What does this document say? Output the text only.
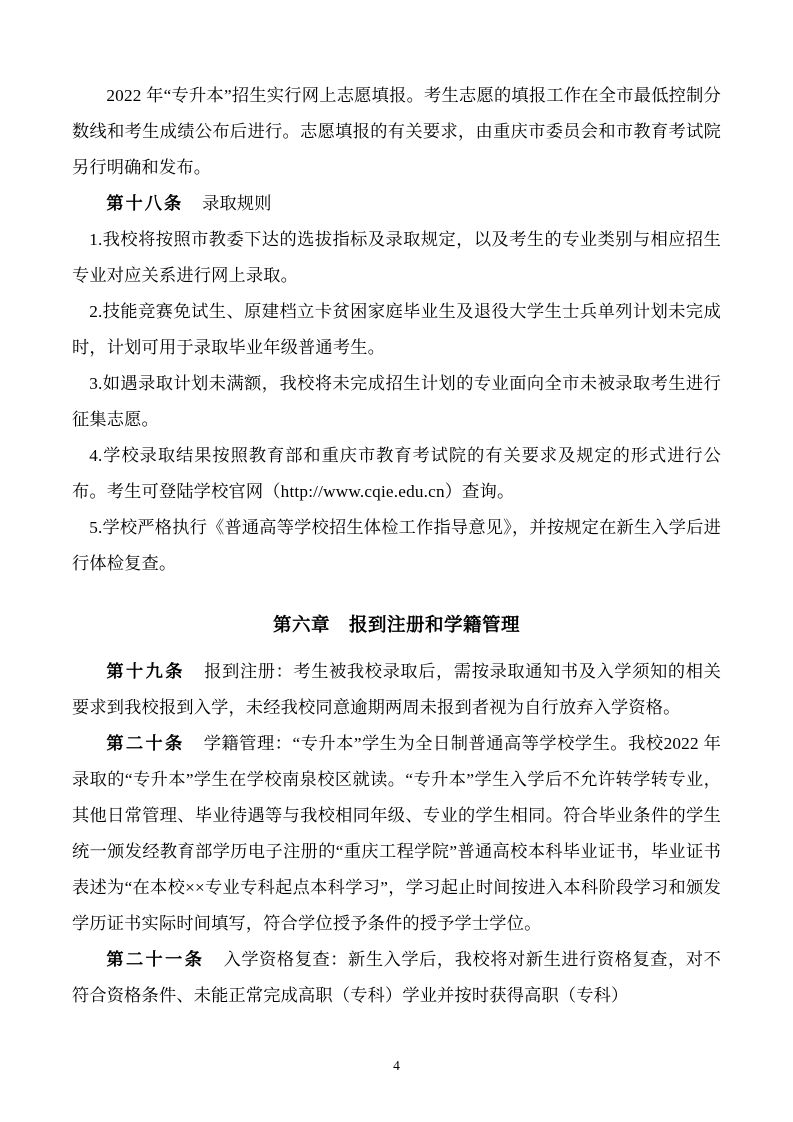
2022 年“专升本”招生实行网上志愿填报。考生志愿的填报工作在全市最低控制分数线和考生成绩公布后进行。志愿填报的有关要求，由重庆市委员会和市教育考试院另行明确和发布。

第十八条 录取规则

1.我校将按照市教委下达的选拔指标及录取规定，以及考生的专业类别与相应招生专业对应关系进行网上录取。

2.技能竞赛免试生、原建档立卡贫困家庭毕业生及退役大学生士兵单列计划未完成时，计划可用于录取毕业年级普通考生。

3.如遇录取计划未满额，我校将未完成招生计划的专业面向全市未被录取考生进行征集志愿。

4.学校录取结果按照教育部和重庆市教育考试院的有关要求及规定的形式进行公布。考生可登陆学校官网（http://www.cqie.edu.cn）查询。

5.学校严格执行《普通高等学校招生体检工作指导意见》，并按规定在新生入学后进行体检复查。

第六章　报到注册和学籍管理

第十九条 报到注册：考生被我校录取后，需按录取通知书及入学须知的相关要求到我校报到入学，未经我校同意逾期两周未报到者视为自行放弃入学资格。

第二十条 学籍管理：“专升本”学生为全日制普通高等学校学生。我校2022 年录取的“专升本”学生在学校南泉校区就读。“专升本”学生入学后不允许转学转专业，其他日常管理、毕业待遇等与我校相同年级、专业的学生相同。符合毕业条件的学生统一颁发经教育部学历电子注册的“重庆工程学院”普通高校本科毕业证书，毕业证书表述为“在本校××专业专科起点本科学习”，学习起止时间按进入本科阶段学习和颁发学历证书实际时间填写，符合学位授予条件的授予学士学位。

第二十一条 入学资格复查：新生入学后，我校将对新生进行资格复查，对不符合资格条件、未能正常完成高职（专科）学业并按时获得高职（专科）

4
